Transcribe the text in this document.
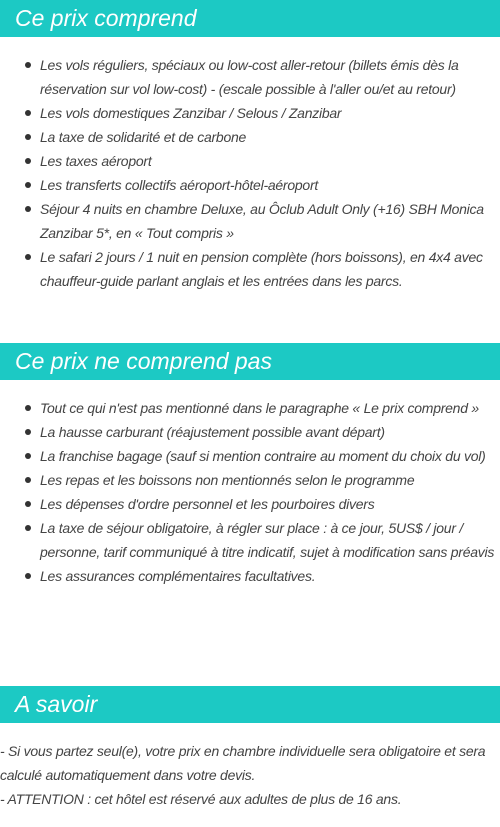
Ce prix comprend
Les vols réguliers, spéciaux ou low-cost aller-retour (billets émis dès la réservation sur vol low-cost) - (escale possible à l'aller ou/et au retour)
Les vols domestiques Zanzibar / Selous / Zanzibar
La taxe de solidarité et de carbone
Les taxes aéroport
Les transferts collectifs aéroport-hôtel-aéroport
Séjour 4 nuits en chambre Deluxe, au Ôclub Adult Only (+16) SBH Monica Zanzibar 5*, en « Tout compris »
Le safari 2 jours / 1 nuit en pension complète (hors boissons), en 4x4 avec chauffeur-guide parlant anglais et les entrées dans les parcs.
Ce prix ne comprend pas
Tout ce qui n'est pas mentionné dans le paragraphe « Le prix comprend »
La hausse carburant (réajustement possible avant départ)
La franchise bagage (sauf si mention contraire au moment du choix du vol)
Les repas et les boissons non mentionnés selon le programme
Les dépenses d'ordre personnel et les pourboires divers
La taxe de séjour obligatoire, à régler sur place : à ce jour, 5US$ / jour / personne, tarif communiqué à titre indicatif, sujet à modification sans préavis
Les assurances complémentaires facultatives.
A savoir

- Si vous partez seul(e), votre prix en chambre individuelle sera obligatoire et sera calculé automatiquement dans votre devis.

- ATTENTION : cet hôtel est réservé aux adultes de plus de 16 ans.
